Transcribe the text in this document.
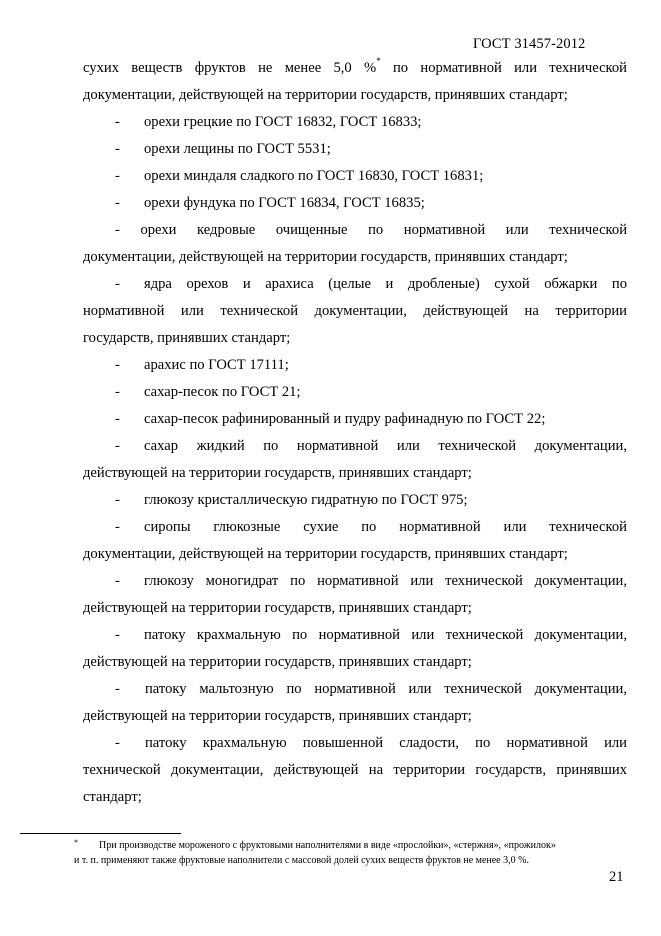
ГОСТ 31457-2012
сухих веществ фруктов не менее 5,0 %* по нормативной или технической
документации, действующей на территории государств, принявших стандарт;
- орехи грецкие по ГОСТ 16832, ГОСТ 16833;
- орехи лещины по ГОСТ 5531;
- орехи миндаля сладкого по ГОСТ 16830, ГОСТ 16831;
- орехи фундука по ГОСТ 16834, ГОСТ 16835;
- орехи кедровые очищенные по нормативной или технической
документации, действующей на территории государств, принявших стандарт;
- ядра орехов и арахиса (целые и дробленые) сухой обжарки по
нормативной или технической документации, действующей на территории
государств, принявших стандарт;
- арахис по ГОСТ 17111;
- сахар-песок по ГОСТ 21;
- сахар-песок рафинированный и пудру рафинадную по ГОСТ 22;
- сахар жидкий по нормативной или технической документации,
действующей на территории государств, принявших стандарт;
- глюкозу кристаллическую гидратную по ГОСТ 975;
- сиропы глюкозные сухие по нормативной или технической
документации, действующей на территории государств, принявших стандарт;
- глюкозу моногидрат по нормативной или технической документации,
действующей на территории государств, принявших стандарт;
- патоку крахмальную по нормативной или технической документации,
действующей на территории государств, принявших стандарт;
- патоку мальтозную по нормативной или технической документации,
действующей на территории государств, принявших стандарт;
- патоку крахмальную повышенной сладости, по нормативной или
технической документации, действующей на территории государств, принявших
стандарт;
* При производстве мороженого с фруктовыми наполнителями в виде «прослойки», «стержня», «прожилок»
и т. п. применяют также фруктовые наполнители с массовой долей сухих веществ фруктов не менее 3,0 %.
21
